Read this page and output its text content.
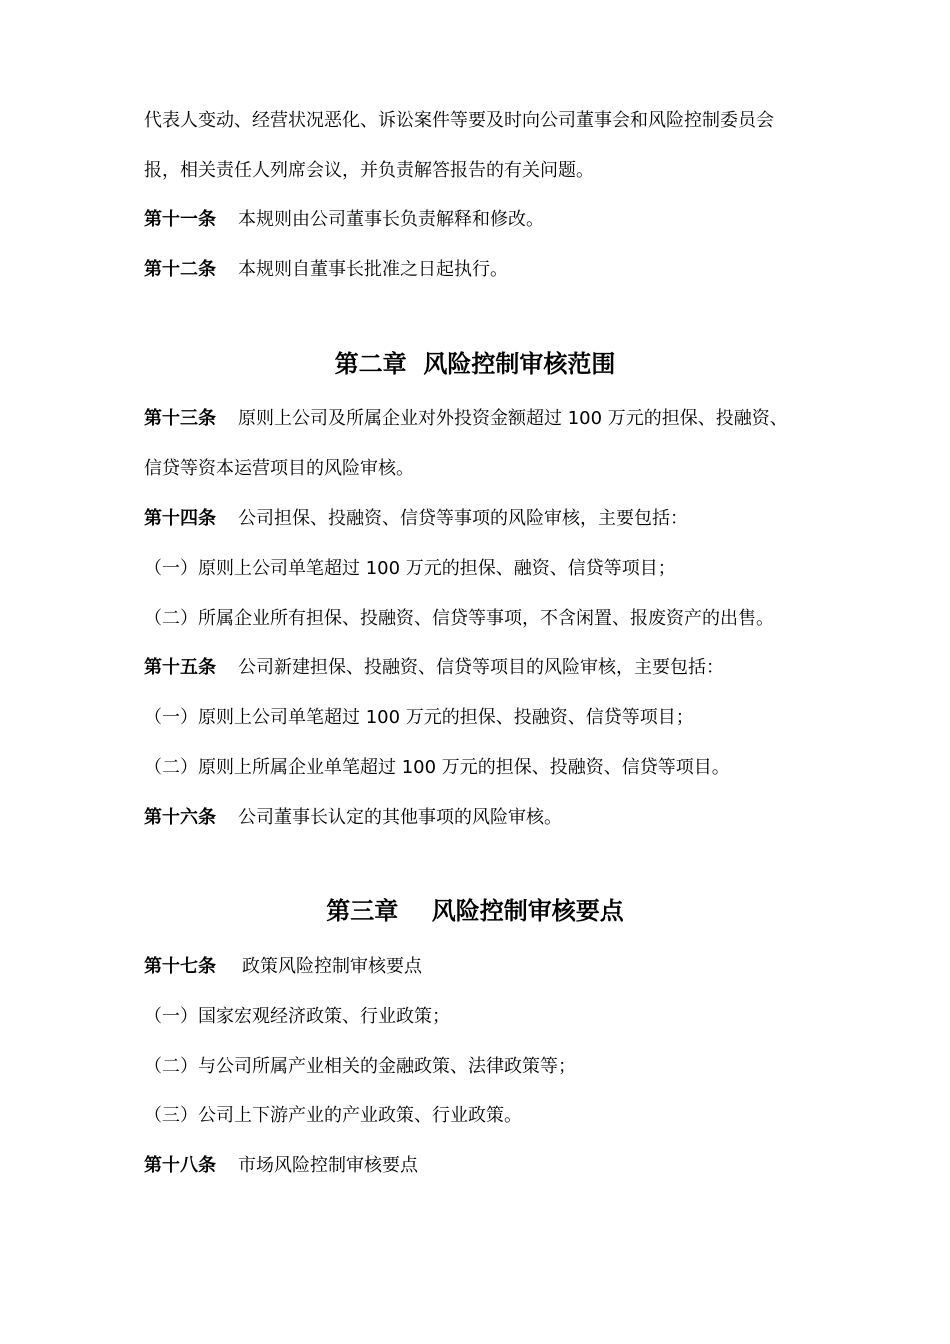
代表人变动、经营状况恶化、诉讼案件等要及时向公司董事会和风险控制委员会
报，相关责任人列席会议，并负责解答报告的有关问题。
第十一条 本规则由公司董事长负责解释和修改。
第十二条 本规则自董事长批准之日起执行。
第二章  风险控制审核范围
第十三条 原则上公司及所属企业对外投资金额超过 100 万元的担保、投融资、
信贷等资本运营项目的风险审核。
第十四条 公司担保、投融资、信贷等事项的风险审核，主要包括：
（一）原则上公司单笔超过 100 万元的担保、融资、信贷等项目；
（二）所属企业所有担保、投融资、信贷等事项，不含闲置、报废资产的出售。
第十五条 公司新建担保、投融资、信贷等项目的风险审核，主要包括：
（一）原则上公司单笔超过 100 万元的担保、投融资、信贷等项目；
（二）原则上所属企业单笔超过 100 万元的担保、投融资、信贷等项目。
第十六条 公司董事长认定的其他事项的风险审核。
第三章    风险控制审核要点
第十七条 政策风险控制审核要点
（一）国家宏观经济政策、行业政策；
（二）与公司所属产业相关的金融政策、法律政策等；
（三）公司上下游产业的产业政策、行业政策。
第十八条 市场风险控制审核要点
